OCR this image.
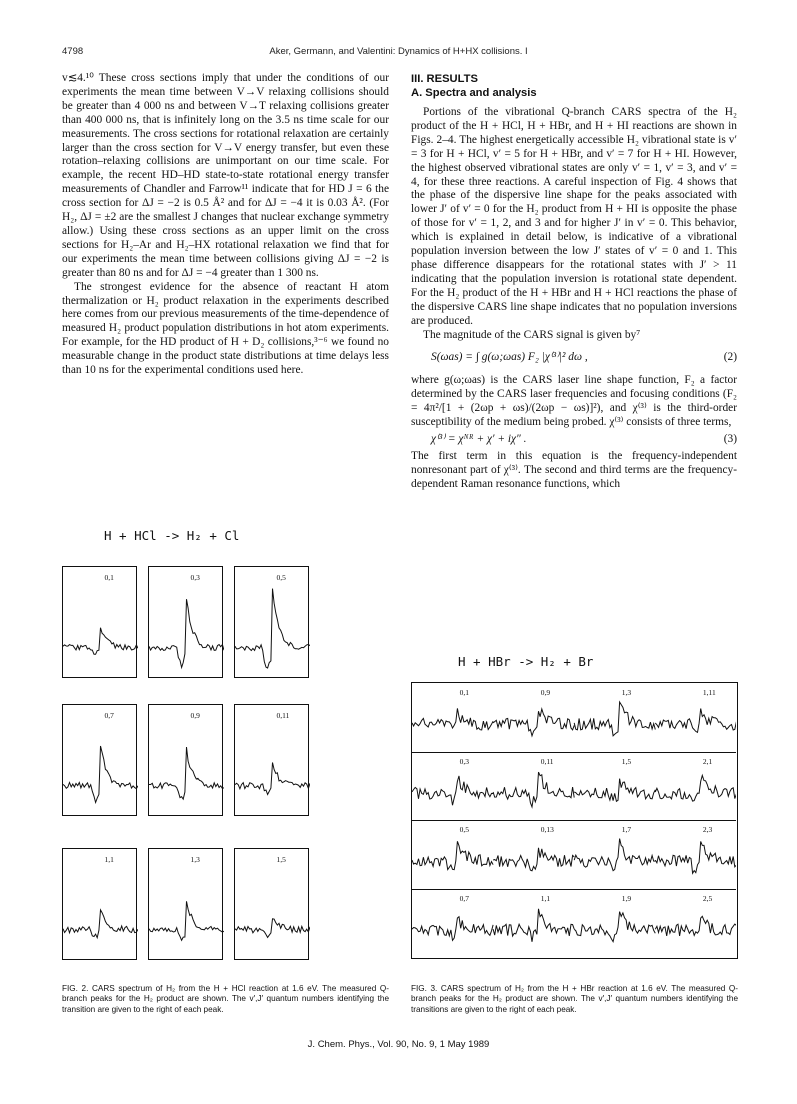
4798	Aker, Germann, and Valentini: Dynamics of H+HX collisions. I

v≲4.¹⁰ These cross sections imply that under the conditions of our experiments the mean time between V→V relaxing collisions should be greater than 4 000 ns and between V→T relaxing collisions greater than 400 000 ns, that is infinitely long on the 3.5 ns time scale for our measurements. The cross sections for rotational relaxation are certainly larger than the cross section for V→V energy transfer, but even these rotation–relaxing collisions are unimportant on our time scale. For example, the recent HD–HD state-to-state rotational energy transfer measurements of Chandler and Farrow¹¹ indicate that for HD J = 6 the cross section for ΔJ = −2 is 0.5 Å² and for ΔJ = −4 it is 0.03 Å². (For H₂, ΔJ = ±2 are the smallest J changes that nuclear exchange symmetry allow.) Using these cross sections as an upper limit on the cross sections for H₂–Ar and H₂–HX rotational relaxation we find that for our experiments the mean time between collisions giving ΔJ = −2 is greater than 80 ns and for ΔJ = −4 greater than 1 300 ns.

The strongest evidence for the absence of reactant H atom thermalization or H₂ product relaxation in the experiments described here comes from our previous measurements of the time-dependence of measured H₂ product population distributions in hot atom experiments. For example, for the HD product of H + D₂ collisions,³⁻⁶ we found no measurable change in the product state distributions at time delays less than 10 ns for the experimental conditions used here.

III. RESULTS
A. Spectra and analysis

Portions of the vibrational Q-branch CARS spectra of the H₂ product of the H + HCl, H + HBr, and H + HI reactions are shown in Figs. 2–4. The highest energetically accessible H₂ vibrational state is v′ = 3 for H + HCl, v′ = 5 for H + HBr, and v′ = 7 for H + HI. However, the highest observed vibrational states are only v′ = 1, v′ = 3, and v′ = 4, for these three reactions. A careful inspection of Fig. 4 shows that the phase of the dispersive line shape for the peaks associated with lower J′ of v′ = 0 for the H₂ product from H + HI is opposite the phase of those for v′ = 1, 2, and 3 and for higher J′ in v′ = 0. This behavior, which is explained in detail below, is indicative of a vibrational population inversion between the low J′ states of v′ = 0 and 1. This phase difference disappears for the rotational states with J′ > 11 indicating that the population inversion is rotational state dependent. For the H₂ product of the H + HBr and H + HCl reactions the phase of the dispersive CARS line shape indicates that no population inversions are produced.

The magnitude of the CARS signal is given by⁷

S(ωas) = ∫ g(ω;ωas) F₂ |χ⁽³⁾|² dω ,	(2)

where g(ω;ωas) is the CARS laser line shape function, F₂ a factor determined by the CARS laser frequencies and focusing conditions (F₂ = 4π²/[1 + (2ωp + ωs)/(2ωp − ωs)]²), and χ⁽³⁾ is the third-order susceptibility of the medium being probed. χ⁽³⁾ consists of three terms,

χ⁽³⁾ = χᴺᴿ + χ′ + iχ″ .	(3)

The first term in this equation is the frequency-independent nonresonant part of χ⁽³⁾. The second and third terms are the frequency-dependent Raman resonance functions, which

H + HCl -> H₂ + Cl
0,1	0,3	0,5
0,7	0,9	0,11
1,1	1,3	1,5
FIG. 2. CARS spectrum of H₂ from the H + HCl reaction at 1.6 eV. The measured Q-branch peaks for the H₂ product are shown. The v′,J′ quantum numbers identifying the transition are given to the right of each peak.
H + HBr -> H₂ + Br
0,1	0,9	1,3	1,11
0,3	0,11	1,5	2,1
0,5	0,13	1,7	2,3
0,7	1,1	1,9	2,5
FIG. 3. CARS spectrum of H₂ from the H + HBr reaction at 1.6 eV. The measured Q-branch peaks for the H₂ product are shown. The v′,J′ quantum numbers identifying the transitions are given to the right of each peak.
J. Chem. Phys., Vol. 90, No. 9, 1 May 1989
